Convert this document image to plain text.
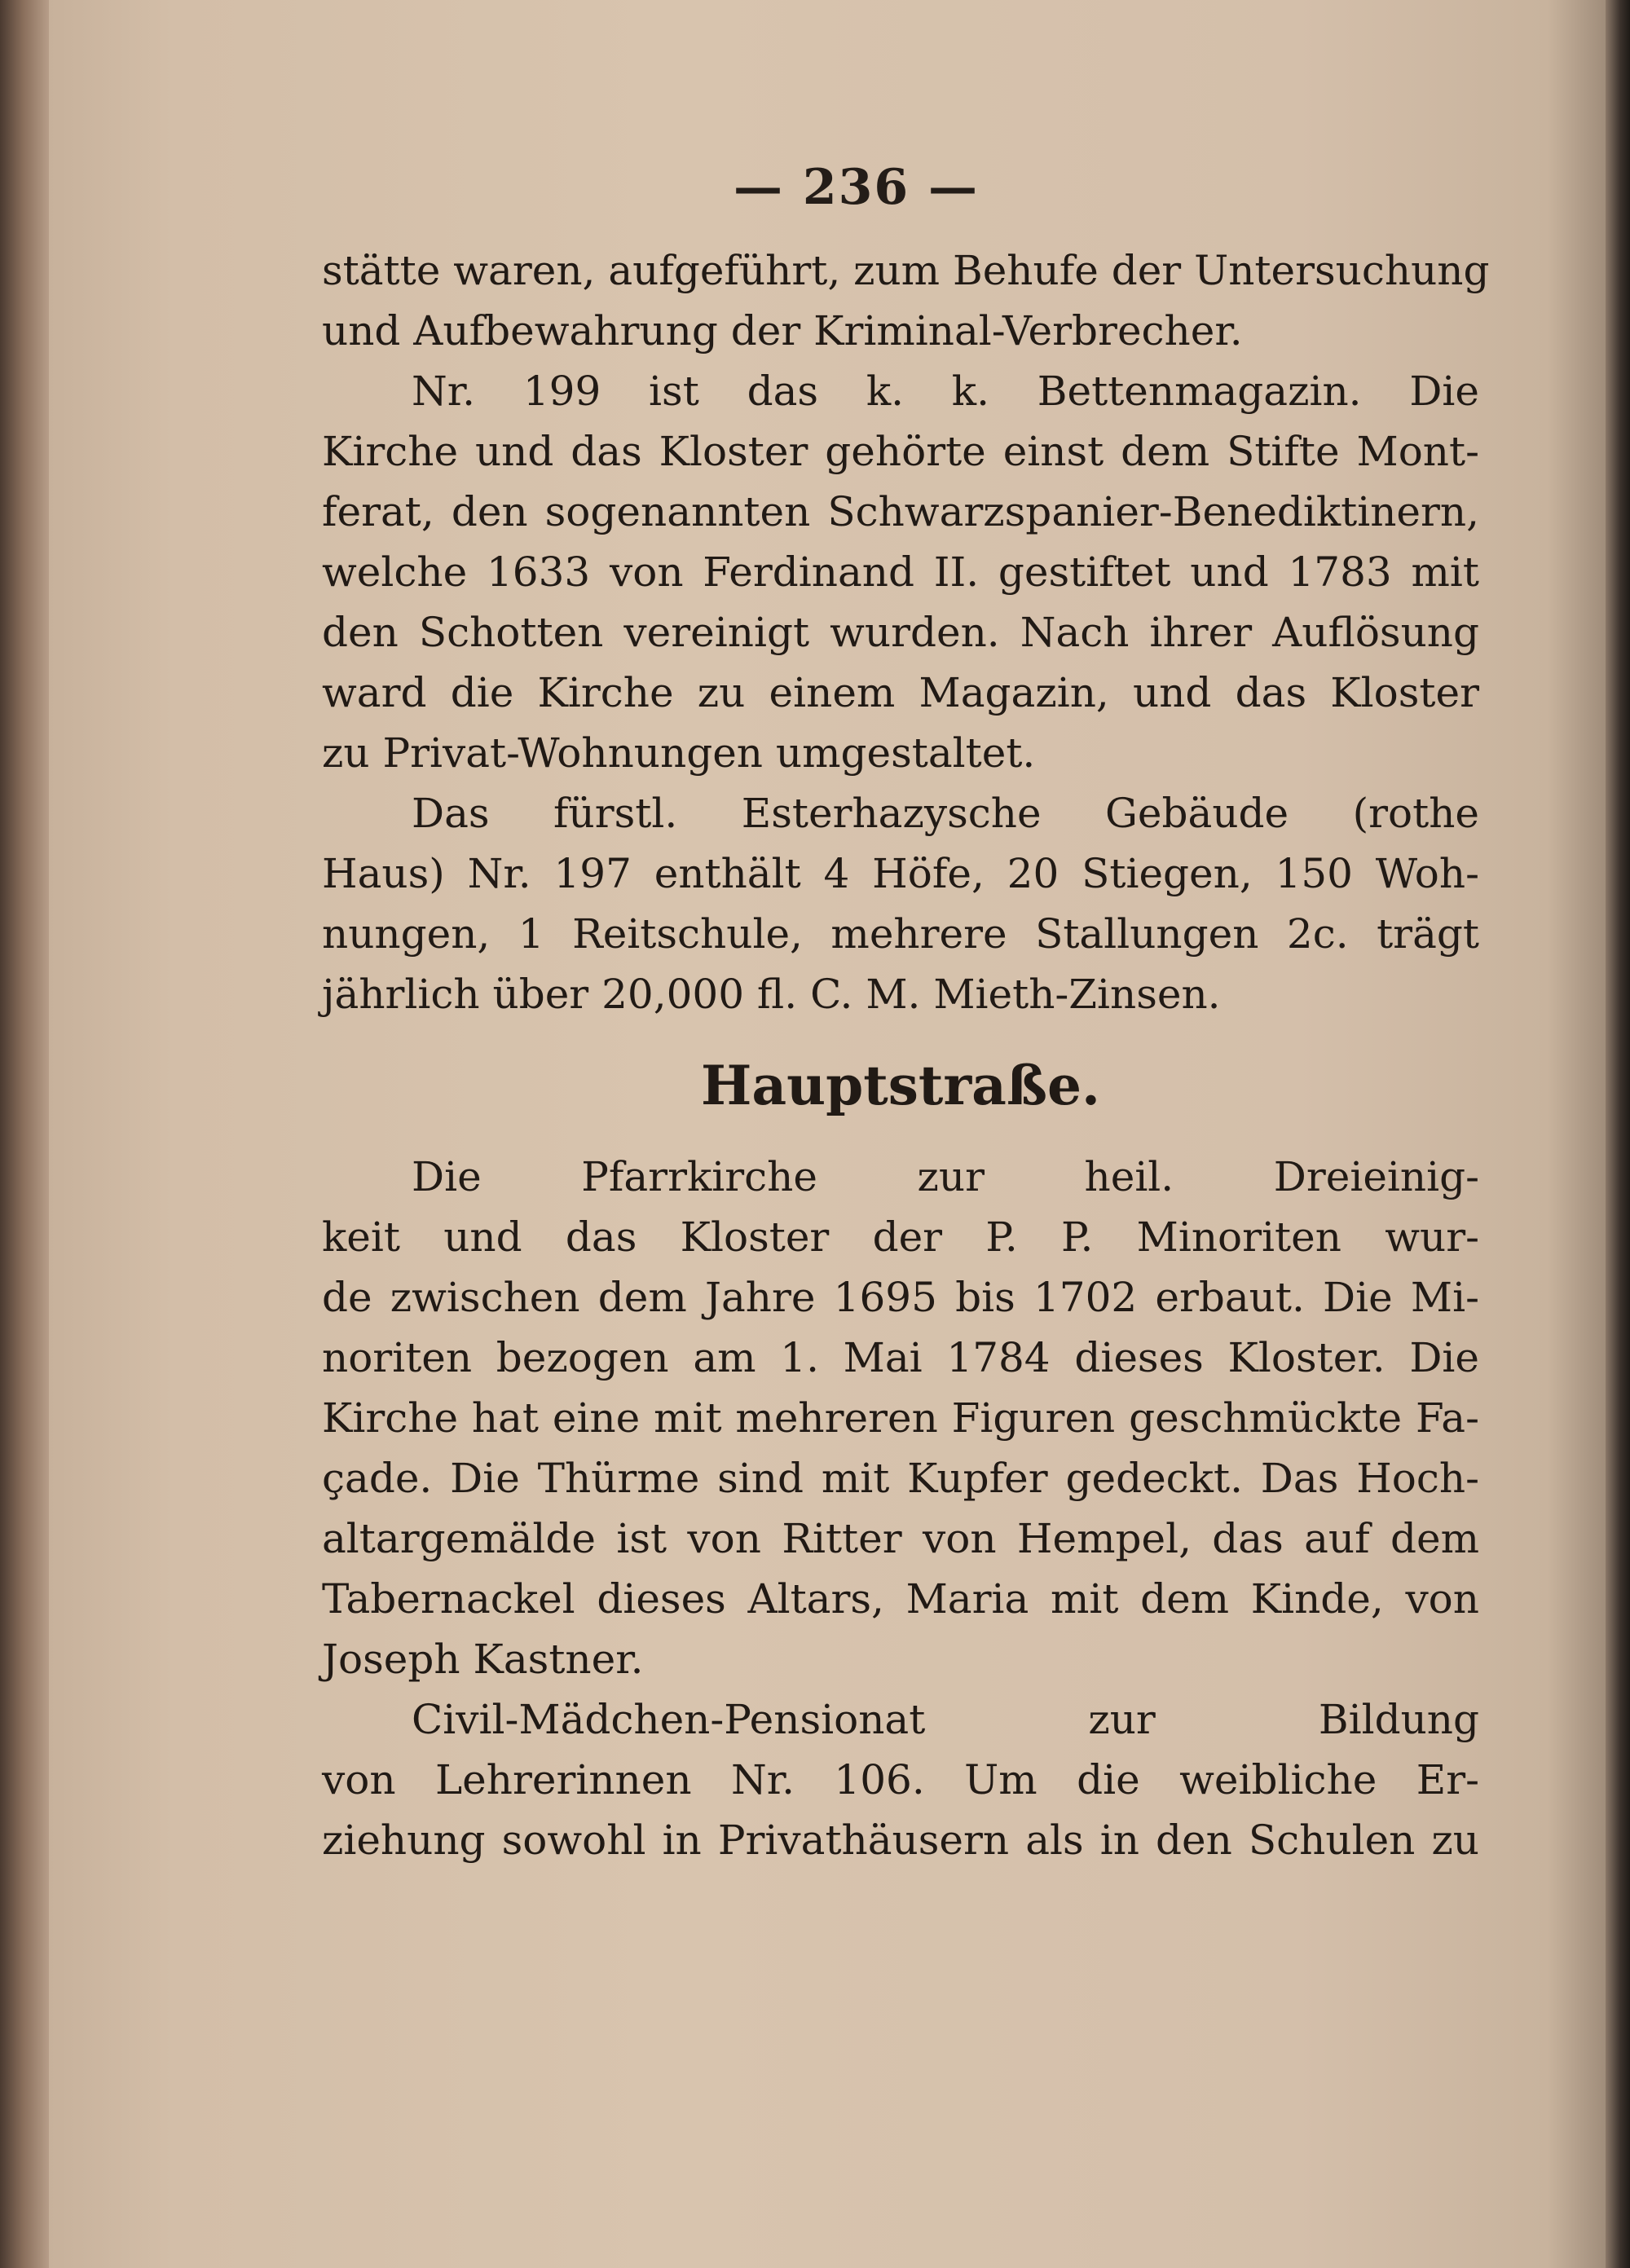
— 236 —
stätte waren, aufgeführt, zum Behufe der Untersuchung
und Aufbewahrung der Kriminal-Verbrecher.
Nr. 199 ist das k. k. Bettenmagazin. Die
Kirche und das Kloster gehörte einst dem Stifte Mont-
ferat, den sogenannten Schwarzspanier-Benediktinern,
welche 1633 von Ferdinand II. gestiftet und 1783 mit
den Schotten vereinigt wurden. Nach ihrer Auflösung
ward die Kirche zu einem Magazin, und das Kloster
zu Privat-Wohnungen umgestaltet.
Das fürstl. Esterhazysche Gebäude (rothe
Haus) Nr. 197 enthält 4 Höfe, 20 Stiegen, 150 Woh-
nungen, 1 Reitschule, mehrere Stallungen 2c. trägt
jährlich über 20,000 fl. C. M. Mieth-Zinsen.
Hauptstraße.
Die Pfarrkirche zur heil. Dreieinig-
keit und das Kloster der P. P. Minoriten wur-
de zwischen dem Jahre 1695 bis 1702 erbaut. Die Mi-
noriten bezogen am 1. Mai 1784 dieses Kloster. Die
Kirche hat eine mit mehreren Figuren geschmückte Fa-
çade. Die Thürme sind mit Kupfer gedeckt. Das Hoch-
altargemälde ist von Ritter von Hempel, das auf dem
Tabernackel dieses Altars, Maria mit dem Kinde, von
Joseph Kastner.
Civil-Mädchen-Pensionat zur Bildung
von Lehrerinnen Nr. 106. Um die weibliche Er-
ziehung sowohl in Privathäusern als in den Schulen zu
